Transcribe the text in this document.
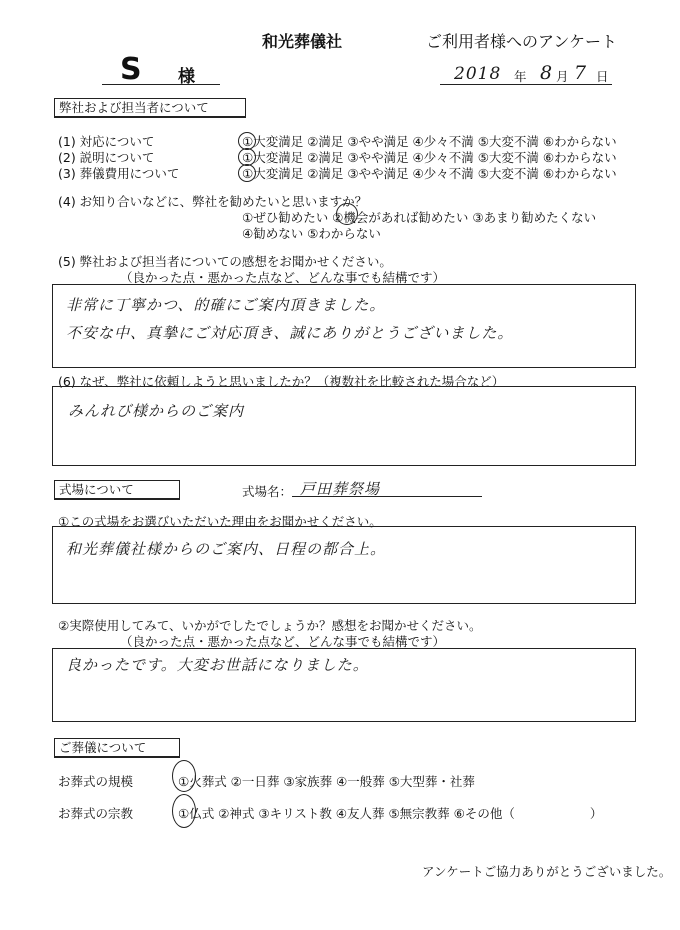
和光葬儀社	ご利用者様へのアンケート
S 様	2018 年 8 月 7 日
弊社および担当者について
(1) 対応について	①大変満足 ②満足 ③やや満足 ④少々不満 ⑤大変不満 ⑥わからない
(2) 説明について	①大変満足 ②満足 ③やや満足 ④少々不満 ⑤大変不満 ⑥わからない
(3) 葬儀費用について	①大変満足 ②満足 ③やや満足 ④少々不満 ⑤大変不満 ⑥わからない
(4) お知り合いなどに、弊社を勧めたいと思いますか？
①ぜひ勧めたい ②機会があれば勧めたい ③あまり勧めたくない
④勧めない ⑤わからない
(5) 弊社および担当者についての感想をお聞かせください。
（良かった点・悪かった点など、どんな事でも結構です）
非常に丁寧かつ、的確にご案内頂きました。
不安な中、真摯にご対応頂き、誠にありがとうございました。
(6) なぜ、弊社に依頼しようと思いましたか？（複数社を比較された場合など）
みんれび様からのご案内
式場について	式場名： 戸田葬祭場
①この式場をお選びいただいた理由をお聞かせください。
和光葬儀社様からのご案内、日程の都合上。
②実際使用してみて、いかがでしたでしょうか？感想をお聞かせください。
（良かった点・悪かった点など、どんな事でも結構です）
良かったです。大変お世話になりました。
ご葬儀について
お葬式の規模	①火葬式 ②一日葬 ③家族葬 ④一般葬 ⑤大型葬・社葬
お葬式の宗教	①仏式 ②神式 ③キリスト教 ④友人葬 ⑤無宗教葬 ⑥その他（　　　　　　）
アンケートご協力ありがとうございました。
